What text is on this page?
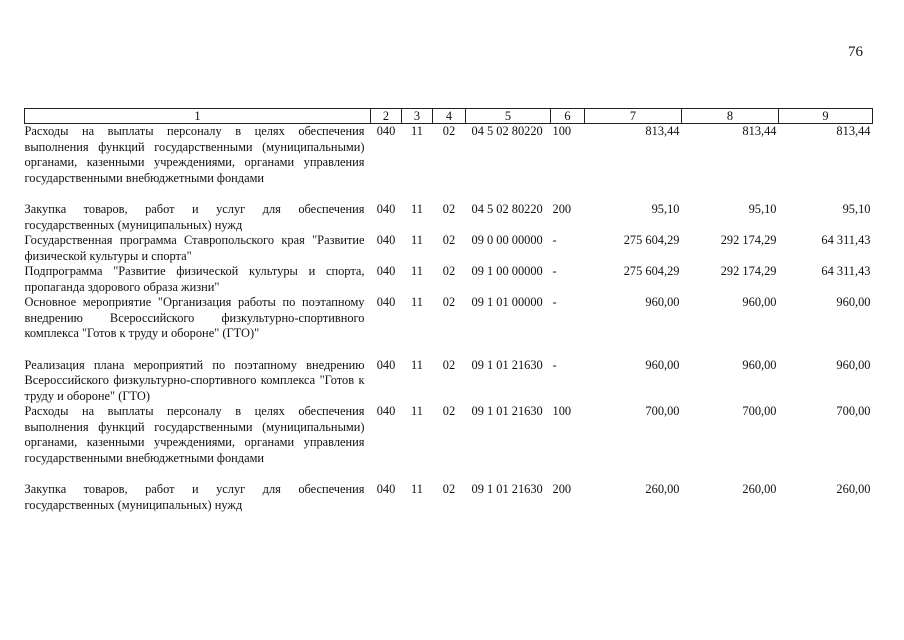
76
1	2	3	4	5	6	7	8	9
Расходы на выплаты персоналу в целях обеспечения выполнения функций государственными (муниципальными) органами, казенными учреждениями, органами управления государственными внебюджетными фондами	040	11	02	04 5 02 80220	100	813,44	813,44	813,44
Закупка товаров, работ и услуг для обеспечения государственных (муниципальных) нужд	040	11	02	04 5 02 80220	200	95,10	95,10	95,10
Государственная программа Ставропольского края "Развитие физической культуры и спорта"	040	11	02	09 0 00 00000	-	275 604,29	292 174,29	64 311,43
Подпрограмма "Развитие физической культуры и спорта, пропаганда здорового образа жизни"	040	11	02	09 1 00 00000	-	275 604,29	292 174,29	64 311,43
Основное мероприятие "Организация работы по поэтапному внедрению Всероссийского физкультурно-спортивного комплекса "Готов к труду и обороне" (ГТО)"	040	11	02	09 1 01 00000	-	960,00	960,00	960,00
Реализация плана мероприятий по поэтапному внедрению Всероссийского физкультурно-спортивного комплекса "Готов к труду и обороне" (ГТО)	040	11	02	09 1 01 21630	-	960,00	960,00	960,00
Расходы на выплаты персоналу в целях обеспечения выполнения функций государственными (муниципальными) органами, казенными учреждениями, органами управления государственными внебюджетными фондами	040	11	02	09 1 01 21630	100	700,00	700,00	700,00
Закупка товаров, работ и услуг для обеспечения государственных (муниципальных) нужд	040	11	02	09 1 01 21630	200	260,00	260,00	260,00
